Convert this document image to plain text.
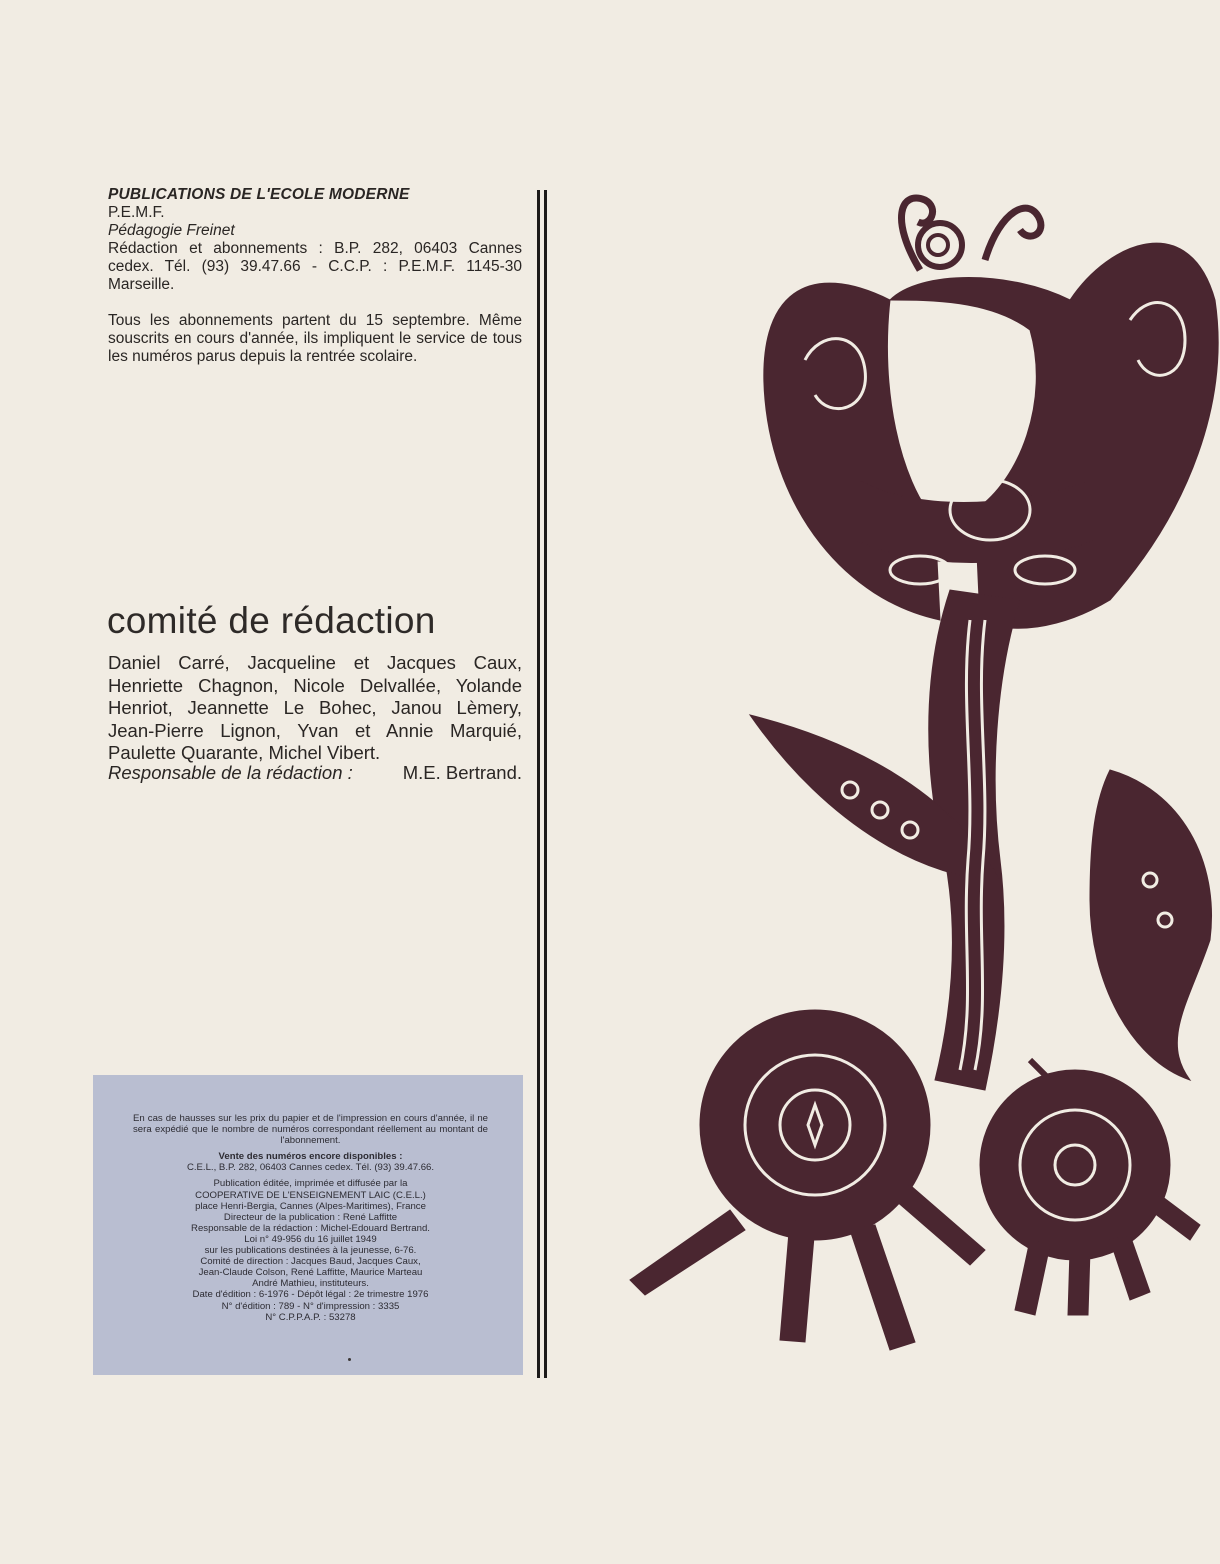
PUBLICATIONS DE L'ECOLE MODERNE
P.E.M.F.
Pédagogie Freinet
Rédaction et abonnements : B.P. 282, 06403 Cannes cedex. Tél. (93) 39.47.66 - C.C.P. : P.E.M.F. 1145-30 Marseille.
Tous les abonnements partent du 15 septembre. Même souscrits en cours d'année, ils impliquent le service de tous les numéros parus depuis la rentrée scolaire.
comité de rédaction
Daniel Carré, Jacqueline et Jacques Caux, Henriette Chagnon, Nicole Delvallée, Yolande Henriot, Jeannette Le Bohec, Janou Lèmery, Jean-Pierre Lignon, Yvan et Annie Marquié, Paulette Quarante, Michel Vibert.
Responsable de la rédaction :	M.E. Bertrand.
En cas de hausses sur les prix du papier et de l'impression en cours d'année, il ne sera expédié que le nombre de numéros correspondant réellement au montant de l'abonnement.
Vente des numéros encore disponibles :
C.E.L., B.P. 282, 06403 Cannes cedex. Tél. (93) 39.47.66.
Publication éditée, imprimée et diffusée par la
COOPERATIVE DE L'ENSEIGNEMENT LAIC (C.E.L.)
place Henri-Bergia, Cannes (Alpes-Maritimes), France
Directeur de la publication : René Laffitte
Responsable de la rédaction : Michel-Edouard Bertrand.
Loi n° 49-956 du 16 juillet 1949
sur les publications destinées à la jeunesse, 6-76.
Comité de direction : Jacques Baud, Jacques Caux,
Jean-Claude Colson, René Laffitte, Maurice Marteau
André Mathieu, instituteurs.
Date d'édition : 6-1976 - Dépôt légal : 2e trimestre 1976
N° d'édition : 789 - N° d'impression : 3335
N° C.P.P.A.P. : 53278
